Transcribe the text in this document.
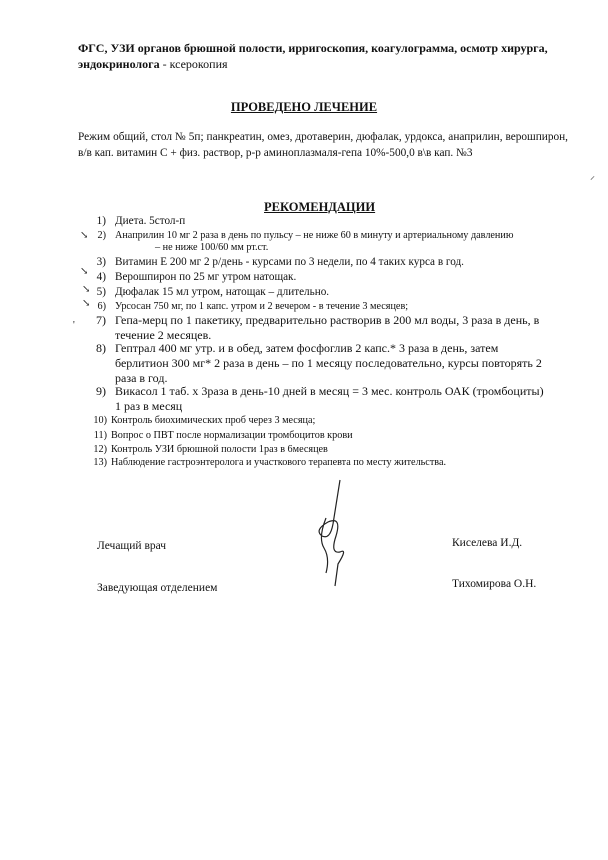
ФГС, УЗИ органов брюшной полости, ирригоскопия, коагулограмма, осмотр хирурга, эндокринолога - ксерокопия
ПРОВЕДЕНО ЛЕЧЕНИЕ
Режим общий, стол № 5п; панкреатин, омез, дротаверин, дюфалак, урдокса, анаприлин, верошпирон, в/в кап. витамин С + физ. раствор, р-р аминоплазмаля-гепа 10%-500,0 в\в кап. №3
РЕКОМЕНДАЦИИ
1) Диета. 5стол-п
2) Анаприлин 10 мг 2 раза в день по пульсу – не ниже 60 в минуту и артериальному давлению
– не ниже 100/60 мм рт.ст.
3) Витамин Е 200 мг 2 р/день - курсами по 3 недели, по 4 таких курса в год.
4) Верошпирон по 25 мг утром натощак.
5) Дюфалак 15 мл утром, натощак – длительно.
6) Урсосан 750 мг, по 1 капс. утром и 2 вечером - в течение 3 месяцев;
7) Гепа-мерц по 1 пакетику, предварительно растворив в 200 мл воды, 3 раза в день, в
течение 2 месяцев.
8) Гептрал 400 мг утр. и в обед, затем фосфоглив 2 капс.* 3 раза в день, затем
берлитион 300 мг* 2 раза в день – по 1 месяцу последовательно, курсы повторять 2
раза в год.
9) Викасол 1 таб. х 3раза в день-10 дней в месяц = 3 мес. контроль ОАК (тромбоциты)
1 раз в месяц
10) Контроль биохимических проб через 3 месяца;
11) Вопрос о ПВТ после нормализации тромбоцитов крови
12) Контроль УЗИ брюшной полости 1раз в 6месяцев
13) Наблюдение гастроэнтеролога и участкового терапевта по месту жительства.
Лечащий врач	Киселева И.Д.
Заведующая отделением	Тихомирова О.Н.
⸝
↘
↘
↘
↘
'
